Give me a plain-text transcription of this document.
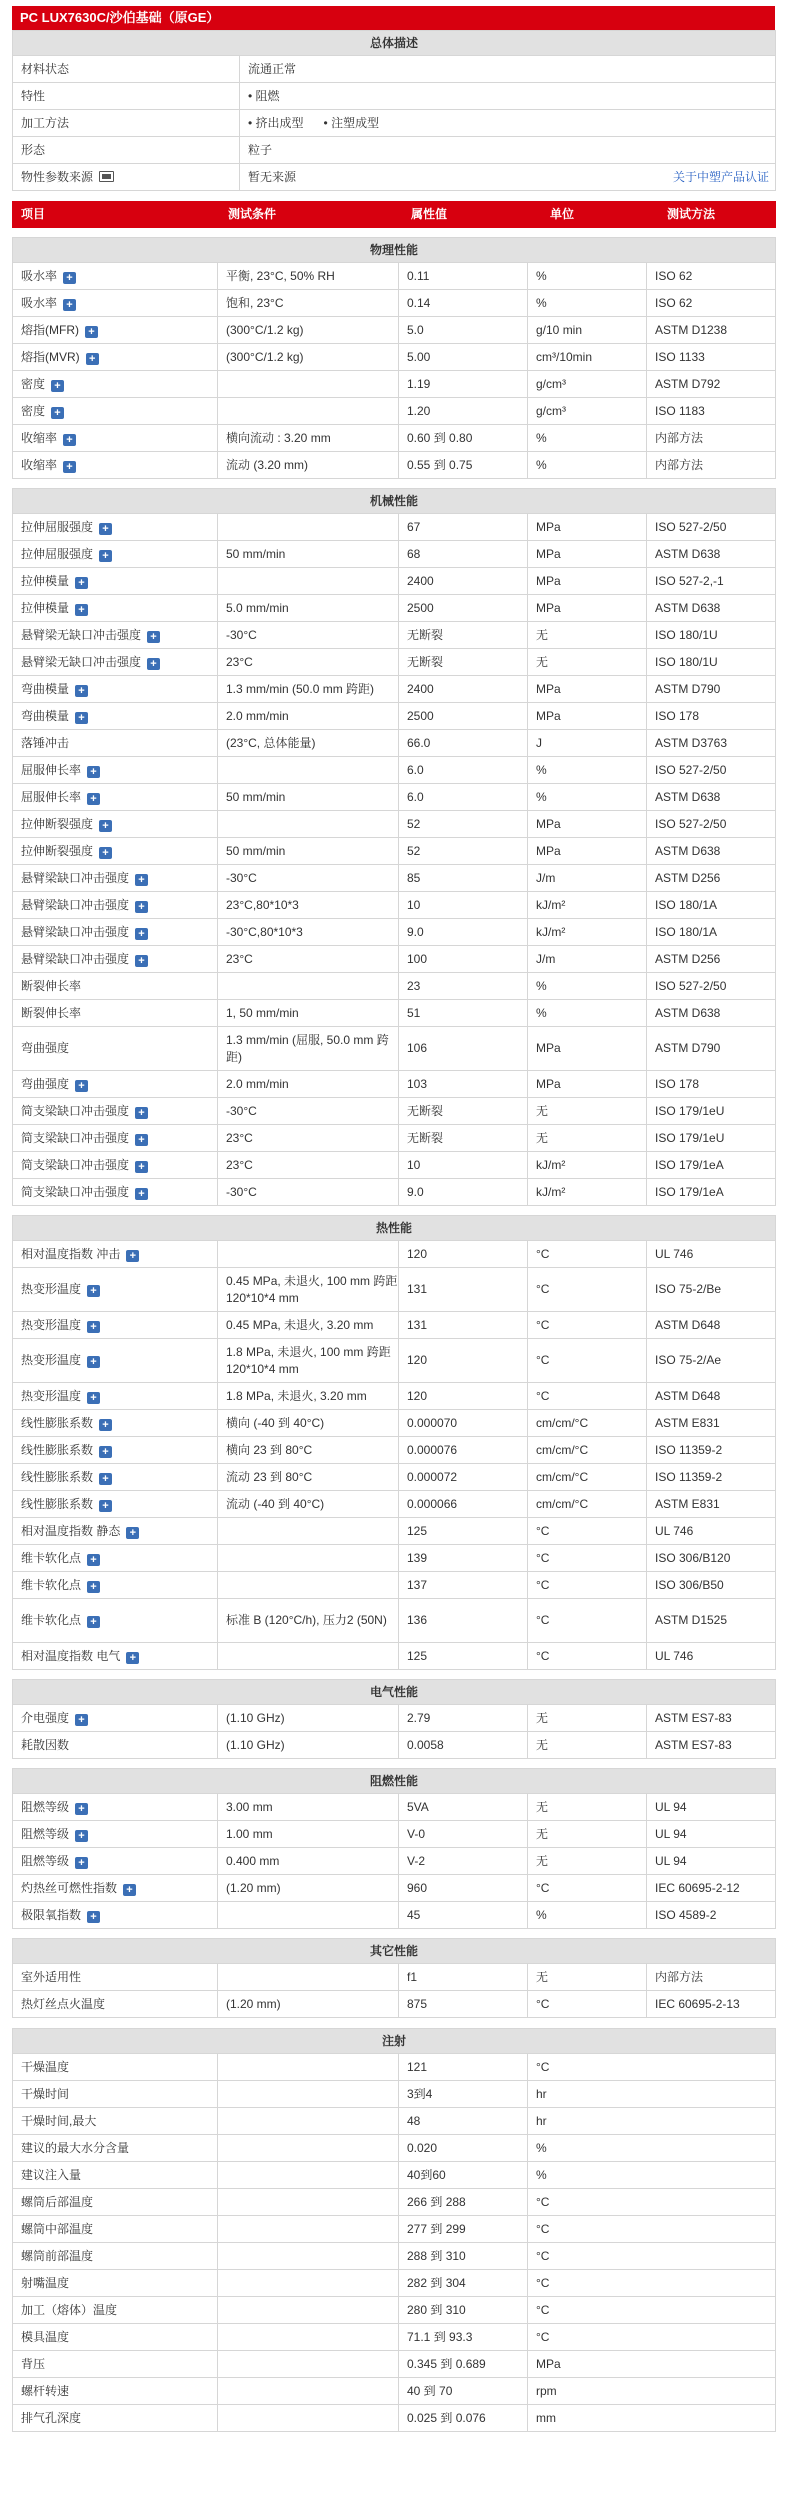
PC LUX7630C/沙伯基础（原GE）
总体描述	
材料状态	流通正常
特性	• 阻燃
加工方法	• 挤出成型 • 注塑成型
形态	粒子
物性参数来源	暂无来源 关于中塑产品认证
项目	测试条件	属性值	单位	测试方法

物理性能				
吸水率 +	平衡, 23°C, 50% RH	0.11	%	ISO 62
吸水率 +	饱和, 23°C	0.14	%	ISO 62
熔指(MFR) +	(300°C/1.2 kg)	5.0	g/10 min	ASTM D1238
熔指(MVR) +	(300°C/1.2 kg)	5.00	cm³/10min	ISO 1133
密度 +		1.19	g/cm³	ASTM D792
密度 +		1.20	g/cm³	ISO 1183
收缩率 +	横向流动 : 3.20 mm	0.60 到 0.80	%	内部方法
收缩率 +	流动 (3.20 mm)	0.55 到 0.75	%	内部方法

机械性能				
拉伸屈服强度 +		67	MPa	ISO 527-2/50
拉伸屈服强度 +	50 mm/min	68	MPa	ASTM D638
拉伸模量 +		2400	MPa	ISO 527-2,-1
拉伸模量 +	5.0 mm/min	2500	MPa	ASTM D638
悬臂梁无缺口冲击强度 +	-30°C	无断裂	无	ISO 180/1U
悬臂梁无缺口冲击强度 +	23°C	无断裂	无	ISO 180/1U
弯曲模量 +	1.3 mm/min (50.0 mm 跨距)	2400	MPa	ASTM D790
弯曲模量 +	2.0 mm/min	2500	MPa	ISO 178
落锤冲击	(23°C, 总体能量)	66.0	J	ASTM D3763
屈服伸长率 +		6.0	%	ISO 527-2/50
屈服伸长率 +	50 mm/min	6.0	%	ASTM D638
拉伸断裂强度 +		52	MPa	ISO 527-2/50
拉伸断裂强度 +	50 mm/min	52	MPa	ASTM D638
悬臂梁缺口冲击强度 +	-30°C	85	J/m	ASTM D256
悬臂梁缺口冲击强度 +	23°C,80*10*3	10	kJ/m²	ISO 180/1A
悬臂梁缺口冲击强度 +	-30°C,80*10*3	9.0	kJ/m²	ISO 180/1A
悬臂梁缺口冲击强度 +	23°C	100	J/m	ASTM D256
断裂伸长率		23	%	ISO 527-2/50
断裂伸长率	1, 50 mm/min	51	%	ASTM D638
弯曲强度	1.3 mm/min (屈服, 50.0 mm 跨距)	106	MPa	ASTM D790
弯曲强度 +	2.0 mm/min	103	MPa	ISO 178
简支梁缺口冲击强度 +	-30°C	无断裂	无	ISO 179/1eU
简支梁缺口冲击强度 +	23°C	无断裂	无	ISO 179/1eU
简支梁缺口冲击强度 +	23°C	10	kJ/m²	ISO 179/1eA
简支梁缺口冲击强度 +	-30°C	9.0	kJ/m²	ISO 179/1eA

热性能				
相对温度指数 冲击 +		120	°C	UL 746
热变形温度 +	0.45 MPa, 未退火, 100 mm 跨距120*10*4 mm	131	°C	ISO 75-2/Be
热变形温度 +	0.45 MPa, 未退火, 3.20 mm	131	°C	ASTM D648
热变形温度 +	1.8 MPa, 未退火, 100 mm 跨距120*10*4 mm	120	°C	ISO 75-2/Ae
热变形温度 +	1.8 MPa, 未退火, 3.20 mm	120	°C	ASTM D648
线性膨胀系数 +	横向 (-40 到 40°C)	0.000070	cm/cm/°C	ASTM E831
线性膨胀系数 +	横向 23 到 80°C	0.000076	cm/cm/°C	ISO 11359-2
线性膨胀系数 +	流动 23 到 80°C	0.000072	cm/cm/°C	ISO 11359-2
线性膨胀系数 +	流动 (-40 到 40°C)	0.000066	cm/cm/°C	ASTM E831
相对温度指数 静态 +		125	°C	UL 746
维卡软化点 +		139	°C	ISO 306/B120
维卡软化点 +		137	°C	ISO 306/B50
维卡软化点 +	标准 B (120°C/h), 压力2 (50N)	136	°C	ASTM D1525
相对温度指数 电气 +		125	°C	UL 746

电气性能				
介电强度 +	(1.10 GHz)	2.79	无	ASTM ES7-83
耗散因数	(1.10 GHz)	0.0058	无	ASTM ES7-83

阻燃性能				
阻燃等级 +	3.00 mm	5VA	无	UL 94
阻燃等级 +	1.00 mm	V-0	无	UL 94
阻燃等级 +	0.400 mm	V-2	无	UL 94
灼热丝可燃性指数 +	(1.20 mm)	960	°C	IEC 60695-2-12
极限氧指数 +		45	%	ISO 4589-2

其它性能				
室外适用性		f1	无	内部方法
热灯丝点火温度	(1.20 mm)	875	°C	IEC 60695-2-13
注射			
干燥温度		121	°C
干燥时间		3到4	hr
干燥时间,最大		48	hr
建议的最大水分含量		0.020	%
建议注入量		40到60	%
螺筒后部温度		266 到 288	°C
螺筒中部温度		277 到 299	°C
螺筒前部温度		288 到 310	°C
射嘴温度		282 到 304	°C
加工（熔体）温度		280 到 310	°C
模具温度		71.1 到 93.3	°C
背压		0.345 到 0.689	MPa
螺杆转速		40 到 70	rpm
排气孔深度		0.025 到 0.076	mm
